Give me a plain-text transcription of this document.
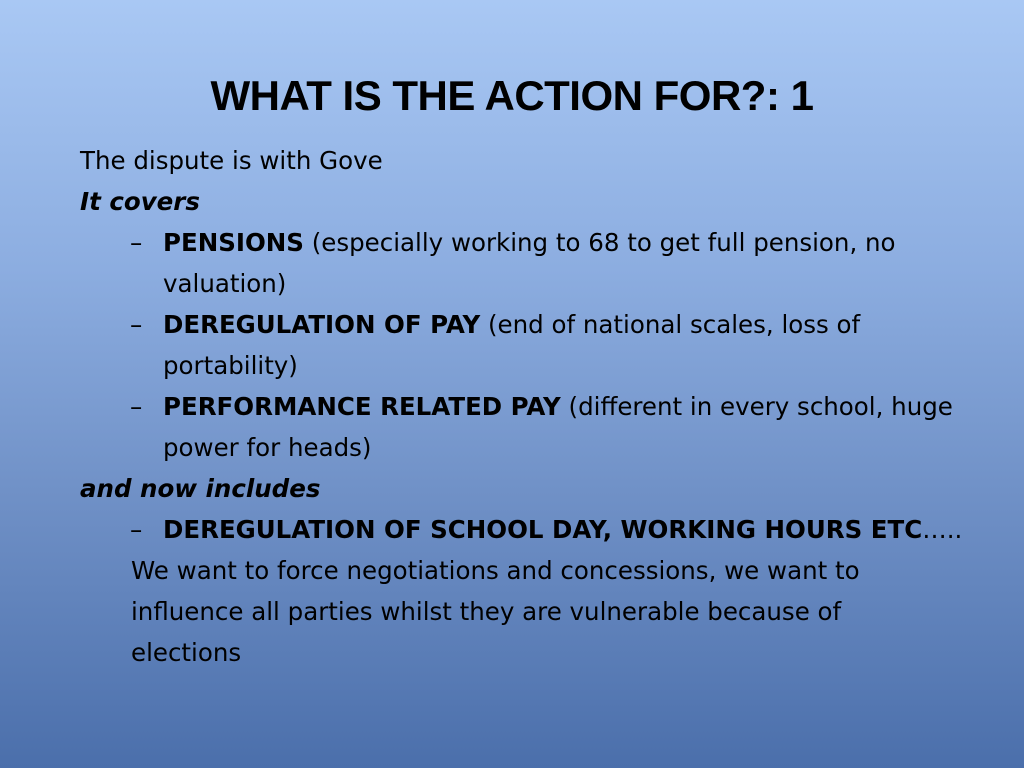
WHAT IS THE ACTION FOR?: 1

The dispute is with Gove

It covers

– PENSIONS (especially working to 68 to get full pension, no valuation)
– DEREGULATION OF PAY (end of national scales, loss of portability)
– PERFORMANCE RELATED PAY (different in every school, huge power for heads)

and now includes

– DEREGULATION OF SCHOOL DAY, WORKING HOURS ETC…..

We want to force negotiations and concessions, we want to influence all parties whilst they are vulnerable because of elections
